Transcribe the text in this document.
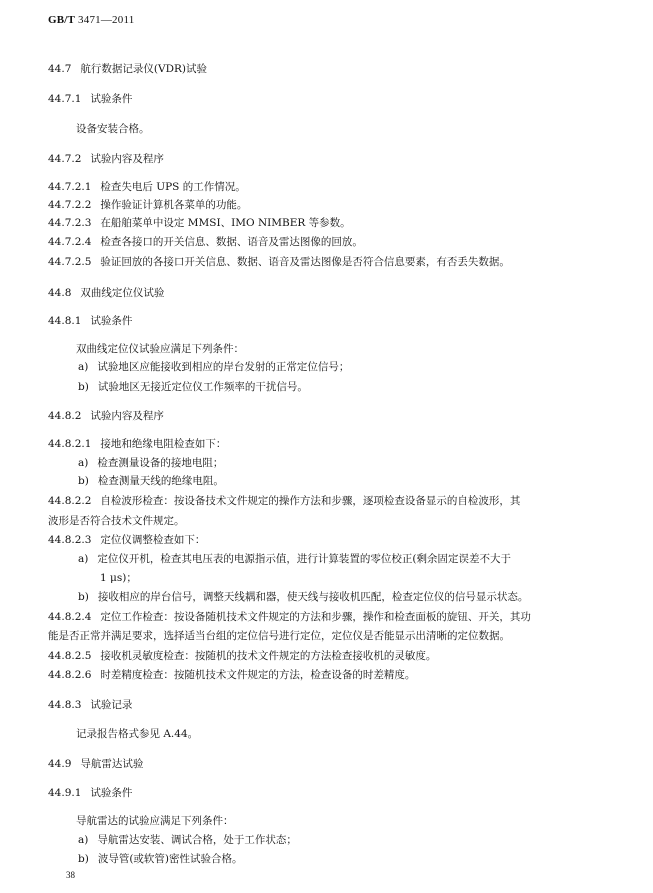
GB/T 3471—2011
44.7 航行数据记录仪(VDR)试验
44.7.1 试验条件
设备安装合格。
44.7.2 试验内容及程序
44.7.2.1 检查失电后 UPS 的工作情况。
44.7.2.2 操作验证计算机各菜单的功能。
44.7.2.3 在船舶菜单中设定 MMSI、IMO NIMBER 等参数。
44.7.2.4 检查各接口的开关信息、数据、语音及雷达图像的回放。
44.7.2.5 验证回放的各接口开关信息、数据、语音及雷达图像是否符合信息要素，有否丢失数据。
44.8 双曲线定位仪试验
44.8.1 试验条件
双曲线定位仪试验应满足下列条件：
a) 试验地区应能接收到相应的岸台发射的正常定位信号；
b) 试验地区无接近定位仪工作频率的干扰信号。
44.8.2 试验内容及程序
44.8.2.1 接地和绝缘电阻检查如下：
a) 检查测量设备的接地电阻；
b) 检查测量天线的绝缘电阻。
44.8.2.2 自检波形检查：按设备技术文件规定的操作方法和步骤，逐项检查设备显示的自检波形，其
波形是否符合技术文件规定。
44.8.2.3 定位仪调整检查如下：
a) 定位仪开机，检查其电压表的电源指示值，进行计算装置的零位校正(剩余固定误差不大于
1 μs)；
b) 接收相应的岸台信号，调整天线耦和器，使天线与接收机匹配，检查定位仪的信号显示状态。
44.8.2.4 定位工作检查：按设备随机技术文件规定的方法和步骤，操作和检查面板的旋钮、开关，其功
能是否正常并满足要求，选择适当台组的定位信号进行定位，定位仪是否能显示出清晰的定位数据。
44.8.2.5 接收机灵敏度检查：按随机的技术文件规定的方法检查接收机的灵敏度。
44.8.2.6 时差精度检查：按随机技术文件规定的方法，检查设备的时差精度。
44.8.3 试验记录
记录报告格式参见 A.44。
44.9 导航雷达试验
44.9.1 试验条件
导航雷达的试验应满足下列条件：
a) 导航雷达安装、调试合格，处于工作状态；
b) 波导管(或软管)密性试验合格。
38
